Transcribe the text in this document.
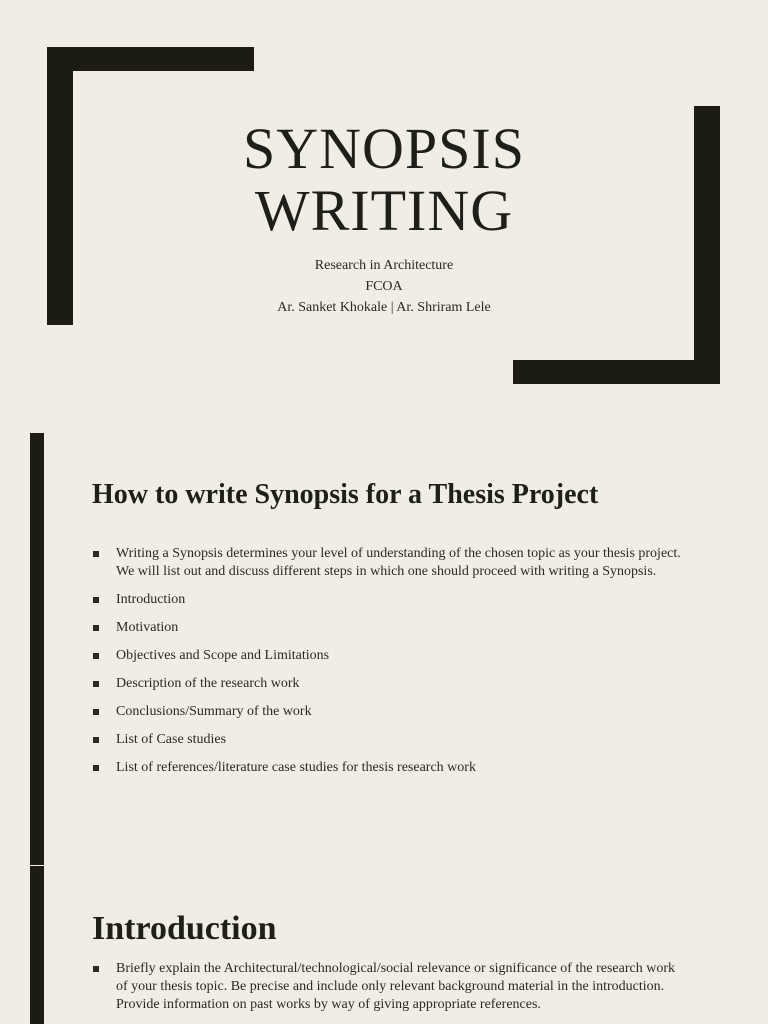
SYNOPSIS
WRITING
Research in Architecture
FCOA
Ar. Sanket Khokale | Ar. Shriram Lele
How to write Synopsis for a Thesis Project
Writing a Synopsis determines your level of understanding of the chosen topic as your thesis project. We will list out and discuss different steps in which one should proceed with writing a Synopsis.
Introduction
Motivation
Objectives and Scope and Limitations
Description of the research work
Conclusions/Summary of the work
List of Case studies
List of references/literature case studies for thesis research work
Introduction
Briefly explain the Architectural/technological/social relevance or significance of the research work of your thesis topic. Be precise and include only relevant background material in the introduction. Provide information on past works by way of giving appropriate references.
